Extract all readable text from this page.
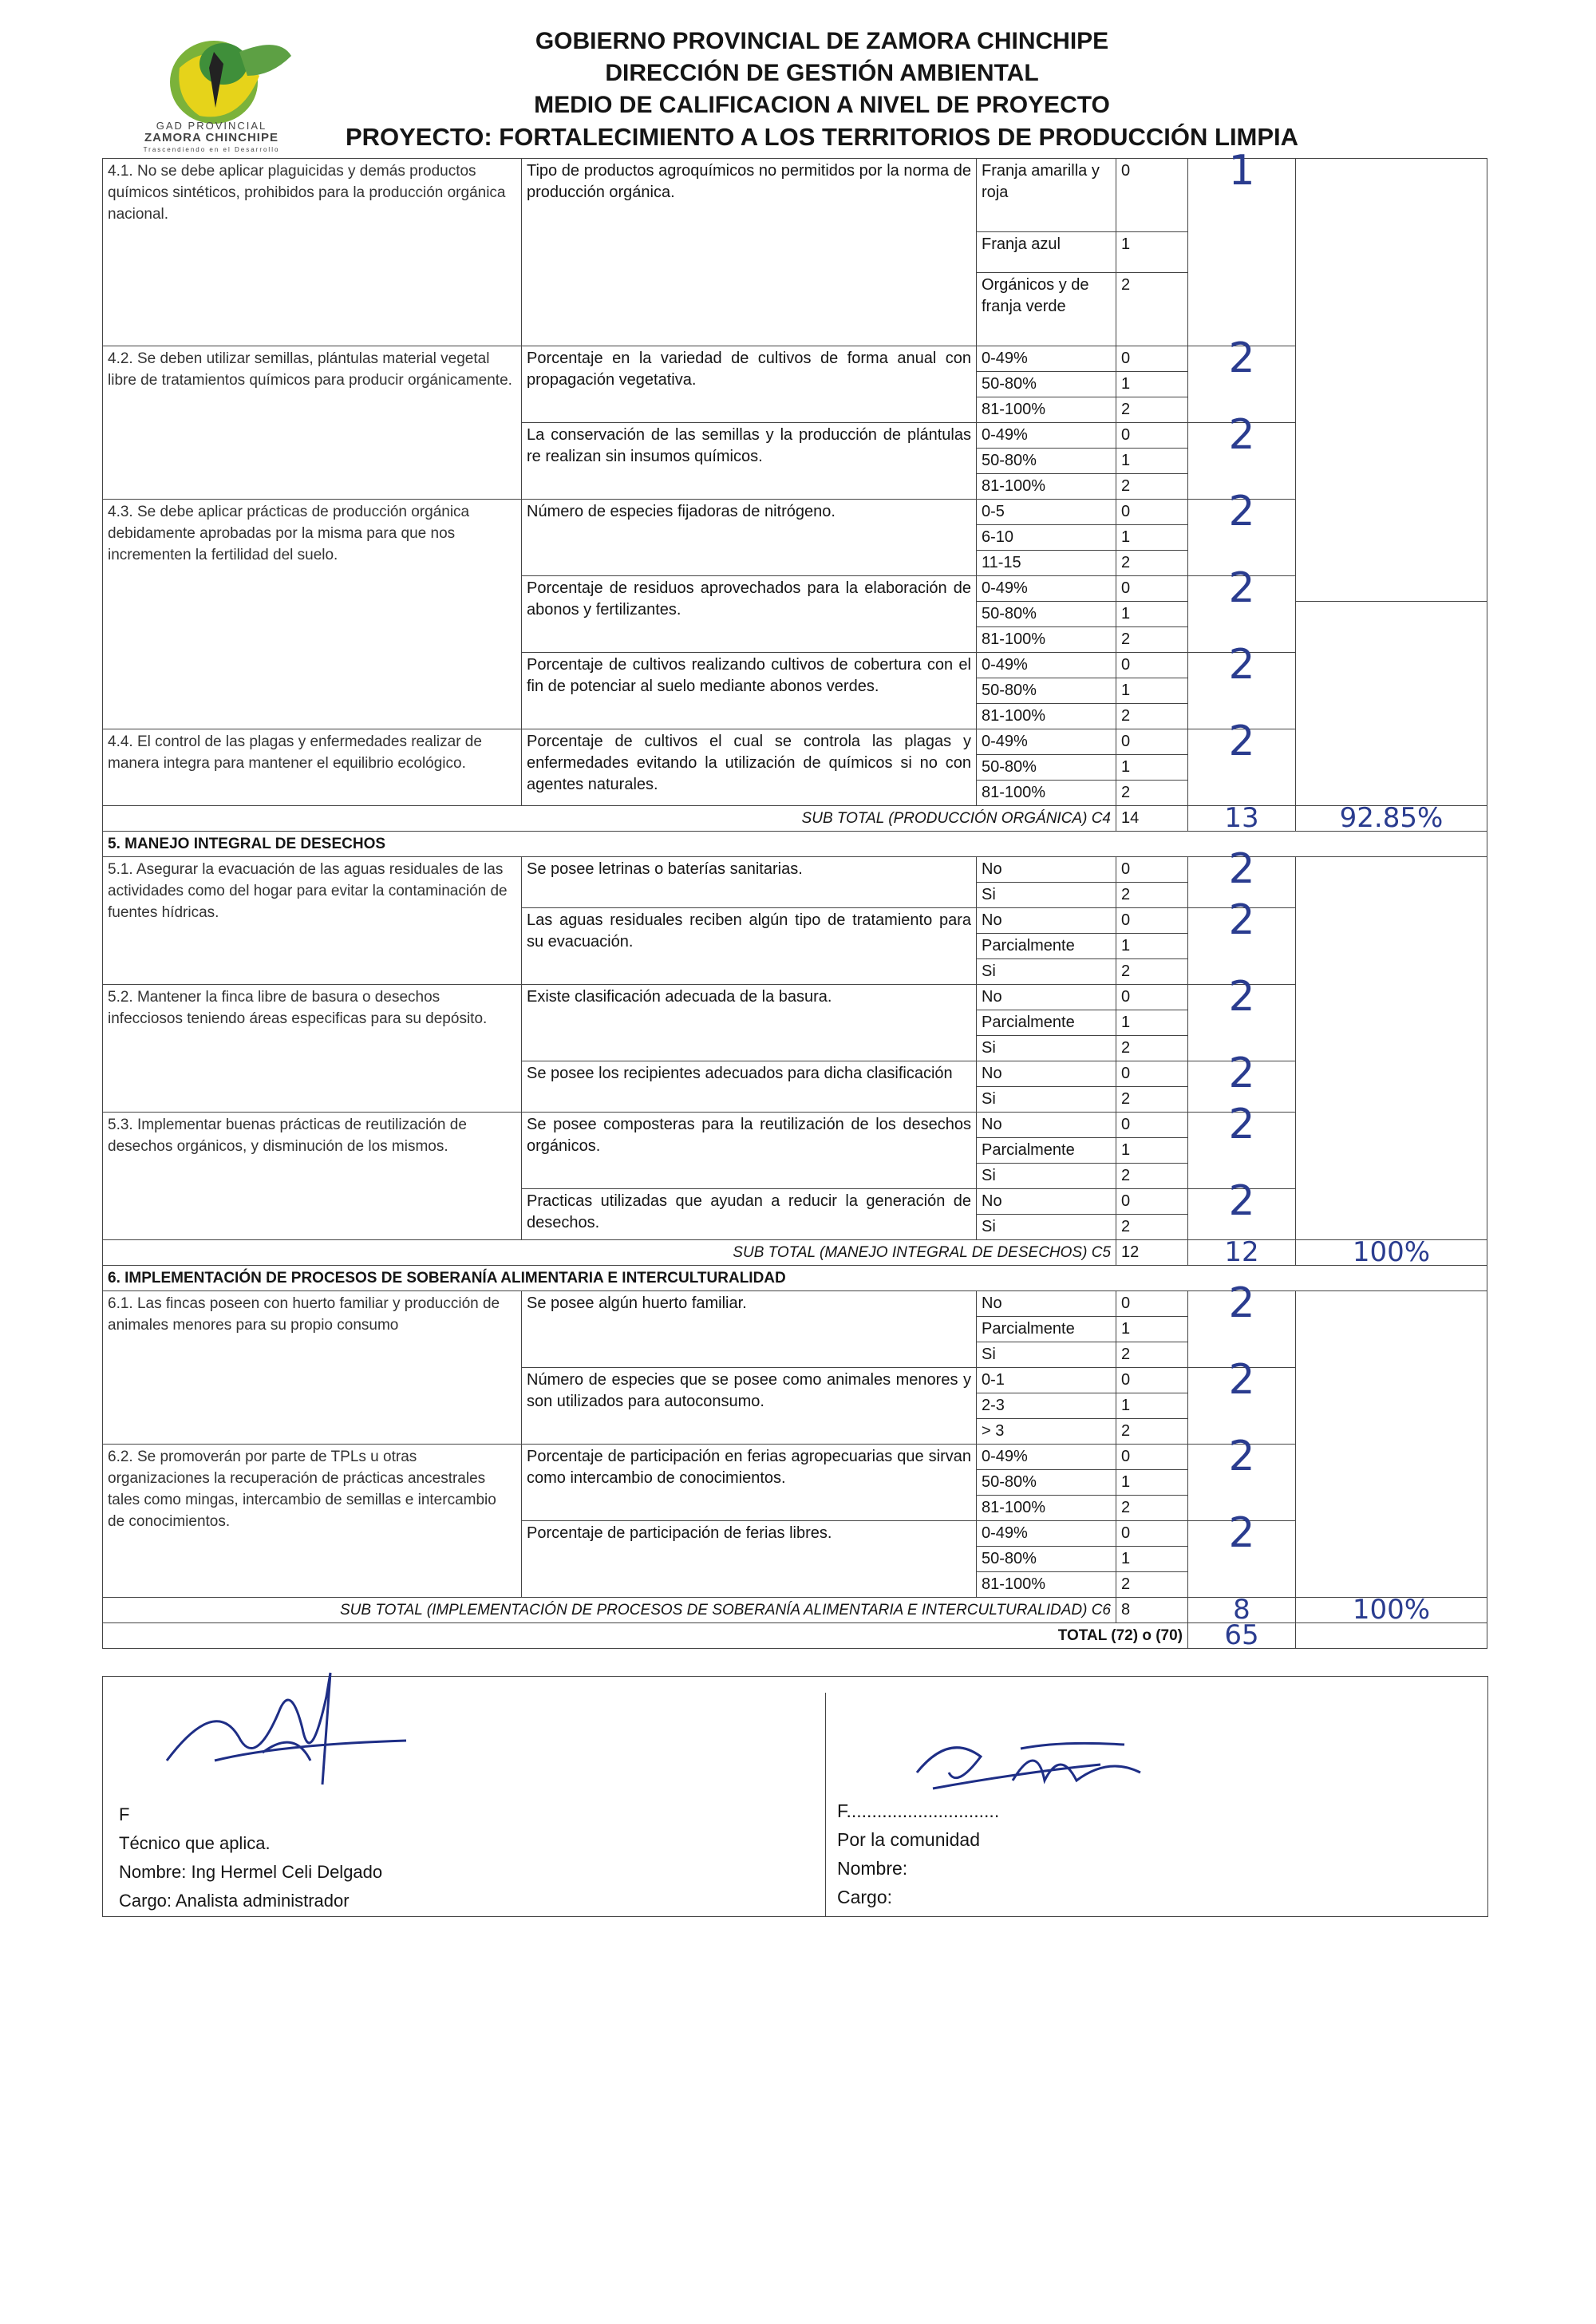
GAD PROVINCIAL
ZAMORA CHINCHIPE
Trascendiendo en el Desarrollo
GOBIERNO PROVINCIAL DE ZAMORA CHINCHIPE
DIRECCIÓN DE GESTIÓN AMBIENTAL
MEDIO DE CALIFICACION A NIVEL DE PROYECTO
PROYECTO: FORTALECIMIENTO A LOS TERRITORIOS DE PRODUCCIÓN LIMPIA
4.1. No se debe aplicar plaguicidas y demás productos químicos sintéticos, prohibidos para la producción orgánica nacional.	Tipo de productos agroquímicos no permitidos por la norma de producción orgánica.	Franja amarilla y roja	0	1		
		Franja azul	1			
		Orgánicos y de franja verde	2			
4.2. Se deben utilizar semillas, plántulas material vegetal libre de tratamientos químicos para producir orgánicamente.	Porcentaje en la variedad de cultivos de forma anual con propagación vegetativa.	0-49%	0	2		
		50-80%	1			
		81-100%	2			
	La conservación de las semillas y la producción de plántulas re realizan sin insumos químicos.	0-49%	0	2		
		50-80%	1			
		81-100%	2			
4.3. Se debe aplicar prácticas de producción orgánica debidamente aprobadas por la misma para que nos incrementen la fertilidad del suelo.	Número de especies fijadoras de nitrógeno.	0-5	0	2		
		6-10	1			
		11-15	2			
	Porcentaje de residuos aprovechados para la elaboración de abonos y fertilizantes.	0-49%	0	2		
		50-80%	1			
		81-100%	2			
	Porcentaje de cultivos realizando cultivos de cobertura con el fin de potenciar al suelo mediante abonos verdes.	0-49%	0	2		
		50-80%	1			
		81-100%	2			
4.4. El control de las plagas y enfermedades realizar de manera integra para mantener el equilibrio ecológico.	Porcentaje de cultivos el cual se controla las plagas y enfermedades evitando la utilización de químicos si no con agentes naturales.	0-49%	0	2		
		50-80%	1			
		81-100%	2			
SUB TOTAL (PRODUCCIÓN ORGÁNICA) C4			14	13	92.85%	
5. MANEJO INTEGRAL DE DESECHOS						
5.1. Asegurar la evacuación de las aguas residuales de las actividades como del hogar para evitar la contaminación de fuentes hídricas.	Se posee letrinas o baterías sanitarias.	No	0	2		
		Si	2			
	Las aguas residuales reciben algún tipo de tratamiento para su evacuación.	No	0	2		
		Parcialmente	1			
		Si	2			
5.2. Mantener la finca libre de basura o desechos infecciosos teniendo áreas especificas para su depósito.	Existe clasificación adecuada de la basura.	No	0	2		
		Parcialmente	1			
		Si	2			
	Se posee los recipientes adecuados para dicha clasificación	No	0	2		
		Si	2			
5.3. Implementar buenas prácticas de reutilización de desechos orgánicos, y disminución de los mismos.	Se posee composteras para la reutilización de los desechos orgánicos.	No	0	2		
		Parcialmente	1			
		Si	2			
	Practicas utilizadas que ayudan a reducir la generación de desechos.	No	0	2		
		Si	2			
SUB TOTAL (MANEJO INTEGRAL DE DESECHOS) C5			12	12	100%	
6. IMPLEMENTACIÓN DE PROCESOS DE SOBERANÍA ALIMENTARIA E INTERCULTURALIDAD						
6.1. Las fincas poseen con huerto familiar y producción de animales menores para su propio consumo	Se posee algún huerto familiar.	No	0	2		
		Parcialmente	1			
		Si	2			
	Número de especies que se posee como animales menores y son utilizados para autoconsumo.	0-1	0	2		
		2-3	1			
		> 3	2			
6.2. Se promoverán por parte de TPLs u otras organizaciones la recuperación de prácticas ancestrales tales como mingas, intercambio de semillas e intercambio de conocimientos.	Porcentaje de participación en ferias agropecuarias que sirvan como intercambio de conocimientos.	0-49%	0	2		
		50-80%	1			
		81-100%	2			
	Porcentaje de participación de ferias libres.	0-49%	0	2		
		50-80%	1			
		81-100%	2			
SUB TOTAL (IMPLEMENTACIÓN DE PROCESOS DE SOBERANÍA ALIMENTARIA E INTERCULTURALIDAD) C6			8	8	100%	
TOTAL (72) o (70)				65		
F
Técnico que aplica.
Nombre: Ing Hermel Celi Delgado
Cargo: Analista administrador
F..............................
Por la comunidad
Nombre:
Cargo:
